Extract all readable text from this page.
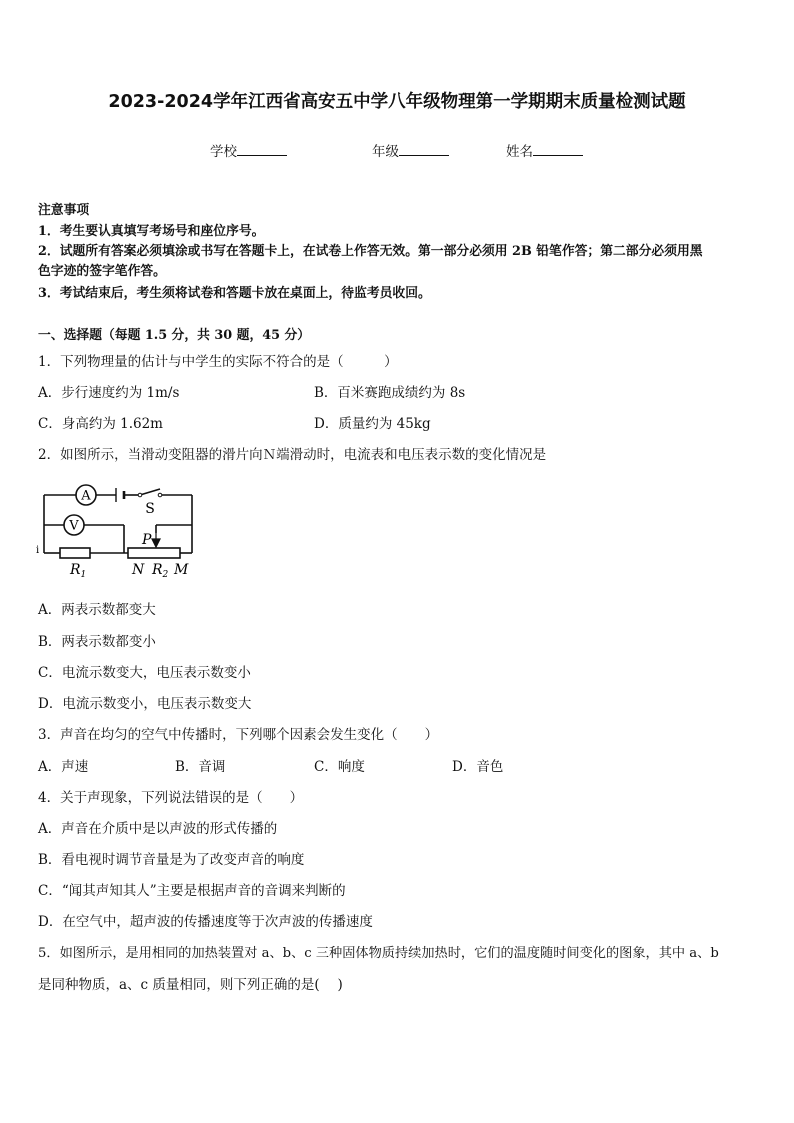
2023-2024学年江西省高安五中学八年级物理第一学期期末质量检测试题
学校	年级	姓名
注意事项
1．考生要认真填写考场号和座位序号。
2．试题所有答案必须填涂或书写在答题卡上，在试卷上作答无效。第一部分必须用 2B 铅笔作答；第二部分必须用黑
色字迹的签字笔作答。
3．考试结束后，考生须将试卷和答题卡放在桌面上，待监考员收回。
一、选择题（每题 1.5 分，共 30 题，45 分）
1．下列物理量的估计与中学生的实际不符合的是（　　　）
A．步行速度约为 1m/s	B．百米赛跑成绩约为 8s
C．身高约为 1.62m	D．质量约为 45kg
2．如图所示，当滑动变阻器的滑片向Ｎ端滑动时，电流表和电压表示数的变化情况是
A
V
S
$R_1$
P
N $R_2$ M
i
A．两表示数都变大
B．两表示数都变小
C．电流示数变大，电压表示数变小
D．电流示数变小，电压表示数变大
3．声音在均匀的空气中传播时，下列哪个因素会发生变化（　　）
A．声速	B．音调	C．响度	D．音色
4．关于声现象，下列说法错误的是（　　）
A．声音在介质中是以声波的形式传播的
B．看电视时调节音量是为了改变声音的响度
C．“闻其声知其人”主要是根据声音的音调来判断的
D．在空气中，超声波的传播速度等于次声波的传播速度
5．如图所示，是用相同的加热装置对 a、b、c 三种固体物质持续加热时，它们的温度随时间变化的图象，其中 a、b
是同种物质，a、c 质量相同，则下列正确的是(　 )
